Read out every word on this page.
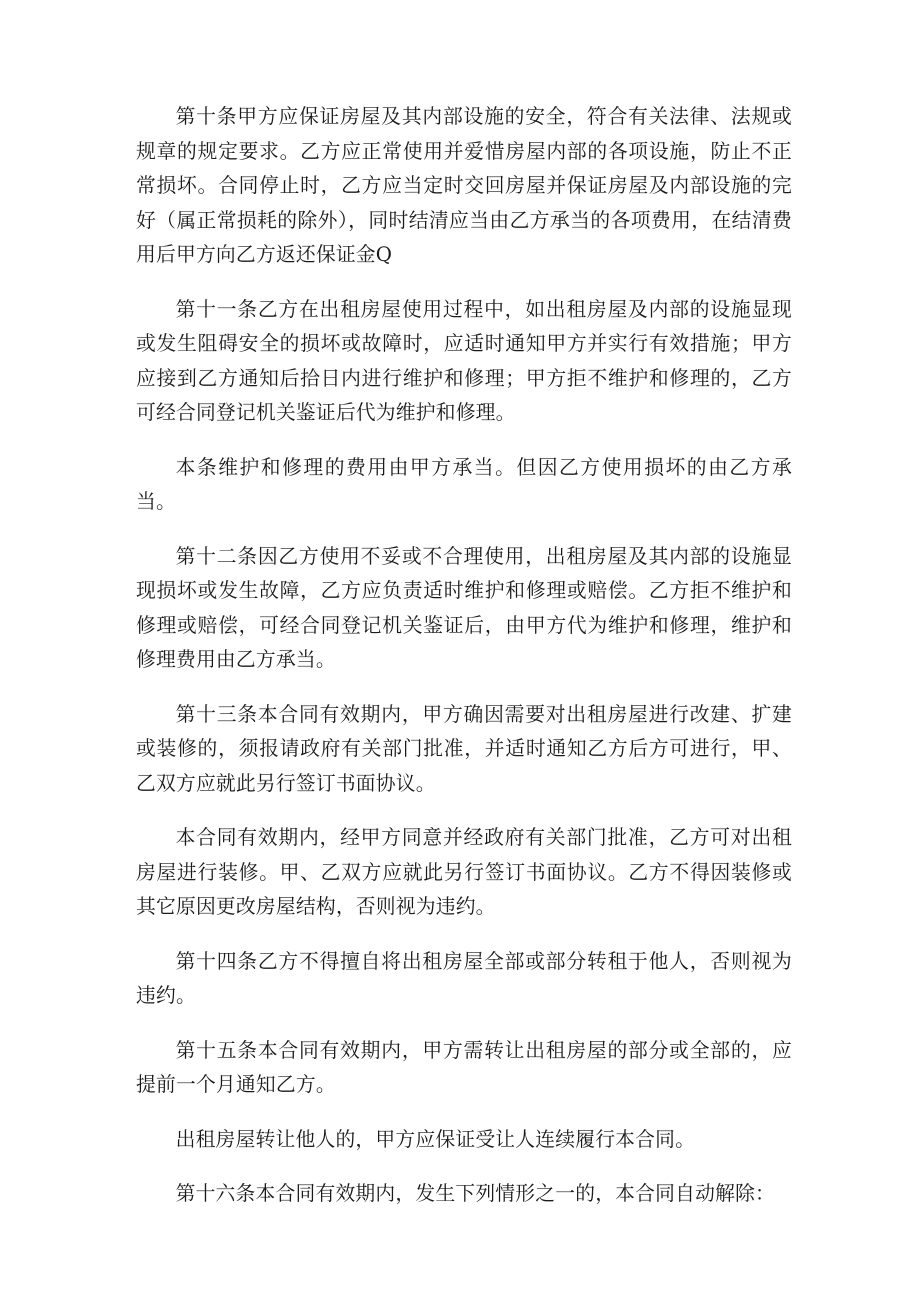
第十条甲方应保证房屋及其内部设施的安全，符合有关法律、法规或规章的规定要求。乙方应正常使用并爱惜房屋内部的各项设施，防止不正常损坏。合同停止时，乙方应当定时交回房屋并保证房屋及内部设施的完好（属正常损耗的除外），同时结清应当由乙方承当的各项费用，在结清费用后甲方向乙方返还保证金Q

第十一条乙方在出租房屋使用过程中，如出租房屋及内部的设施显现或发生阻碍安全的损坏或故障时，应适时通知甲方并实行有效措施；甲方应接到乙方通知后拾日内进行维护和修理；甲方拒不维护和修理的，乙方可经合同登记机关鉴证后代为维护和修理。

本条维护和修理的费用由甲方承当。但因乙方使用损坏的由乙方承当。

第十二条因乙方使用不妥或不合理使用，出租房屋及其内部的设施显现损坏或发生故障，乙方应负责适时维护和修理或赔偿。乙方拒不维护和修理或赔偿，可经合同登记机关鉴证后，由甲方代为维护和修理，维护和修理费用由乙方承当。

第十三条本合同有效期内，甲方确因需要对出租房屋进行改建、扩建或装修的，须报请政府有关部门批准，并适时通知乙方后方可进行，甲、乙双方应就此另行签订书面协议。

本合同有效期内，经甲方同意并经政府有关部门批准，乙方可对出租房屋进行装修。甲、乙双方应就此另行签订书面协议。乙方不得因装修或其它原因更改房屋结构，否则视为违约。

第十四条乙方不得擅自将出租房屋全部或部分转租于他人，否则视为违约。

第十五条本合同有效期内，甲方需转让出租房屋的部分或全部的，应提前一个月通知乙方。

出租房屋转让他人的，甲方应保证受让人连续履行本合同。

第十六条本合同有效期内，发生下列情形之一的，本合同自动解除：
